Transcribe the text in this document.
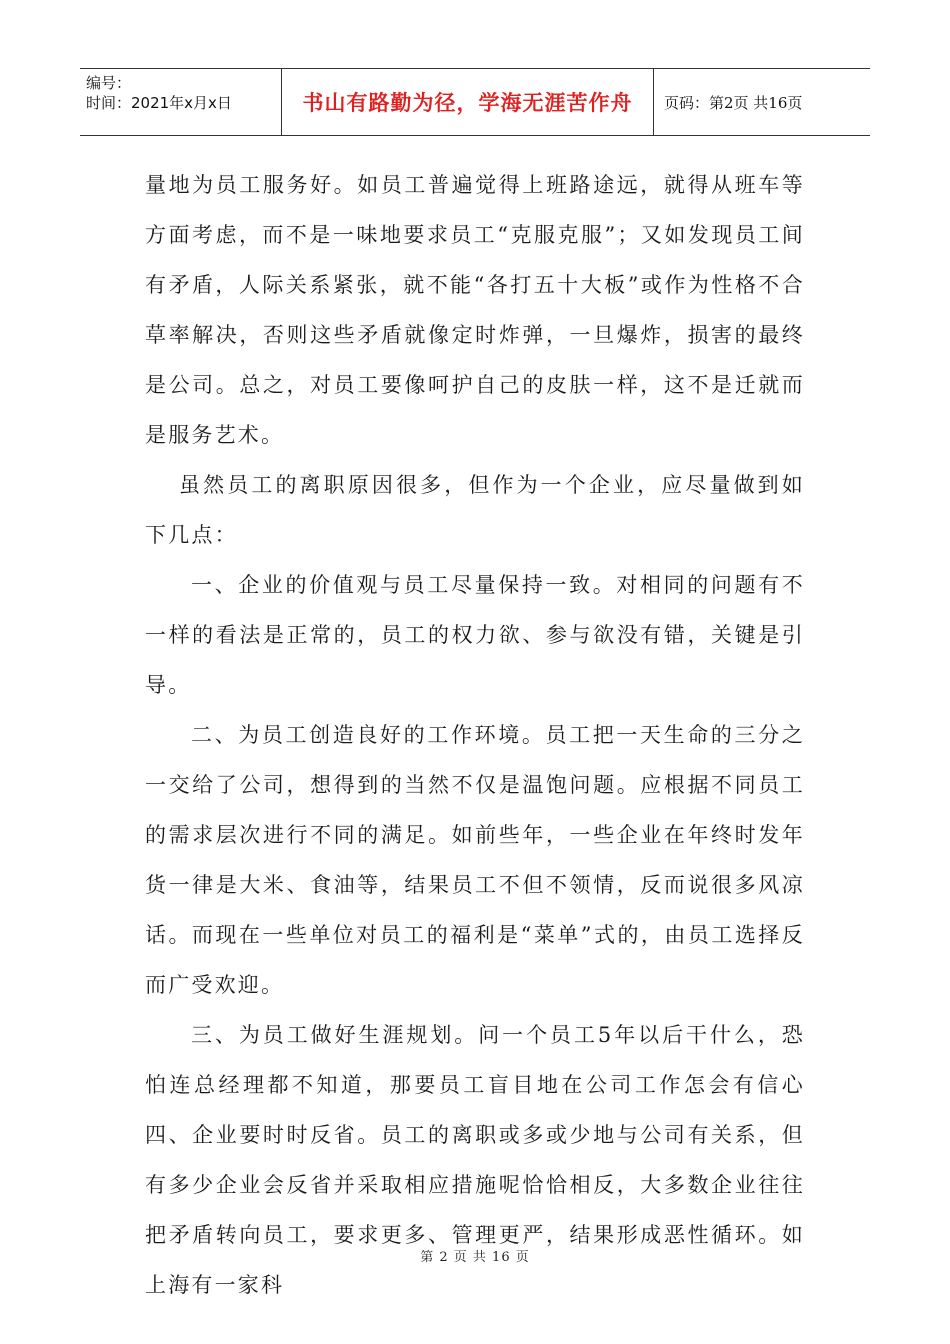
编号：
时间：2021年x月x日	书山有路勤为径，学海无涯苦作舟	页码：第2页 共16页

量地为员工服务好。如员工普遍觉得上班路途远，就得从班车等方面考虑，而不是一味地要求员工“克服克服”；又如发现员工间有矛盾，人际关系紧张，就不能“各打五十大板”或作为性格不合草率解决，否则这些矛盾就像定时炸弹，一旦爆炸，损害的最终是公司。总之，对员工要像呵护自己的皮肤一样，这不是迁就而是服务艺术。

虽然员工的离职原因很多，但作为一个企业，应尽量做到如下几点：

一、企业的价值观与员工尽量保持一致。对相同的问题有不一样的看法是正常的，员工的权力欲、参与欲没有错，关键是引导。

二、为员工创造良好的工作环境。员工把一天生命的三分之一交给了公司，想得到的当然不仅是温饱问题。应根据不同员工的需求层次进行不同的满足。如前些年，一些企业在年终时发年货一律是大米、食油等，结果员工不但不领情，反而说很多风凉话。而现在一些单位对员工的福利是“菜单”式的，由员工选择反而广受欢迎。

三、为员工做好生涯规划。问一个员工5年以后干什么，恐怕连总经理都不知道，那要员工盲目地在公司工作怎会有信心四、企业要时时反省。员工的离职或多或少地与公司有关系，但有多少企业会反省并采取相应措施呢恰恰相反，大多数企业往往把矛盾转向员工，要求更多、管理更严，结果形成恶性循环。如上海有一家科

第 2 页 共 16 页
